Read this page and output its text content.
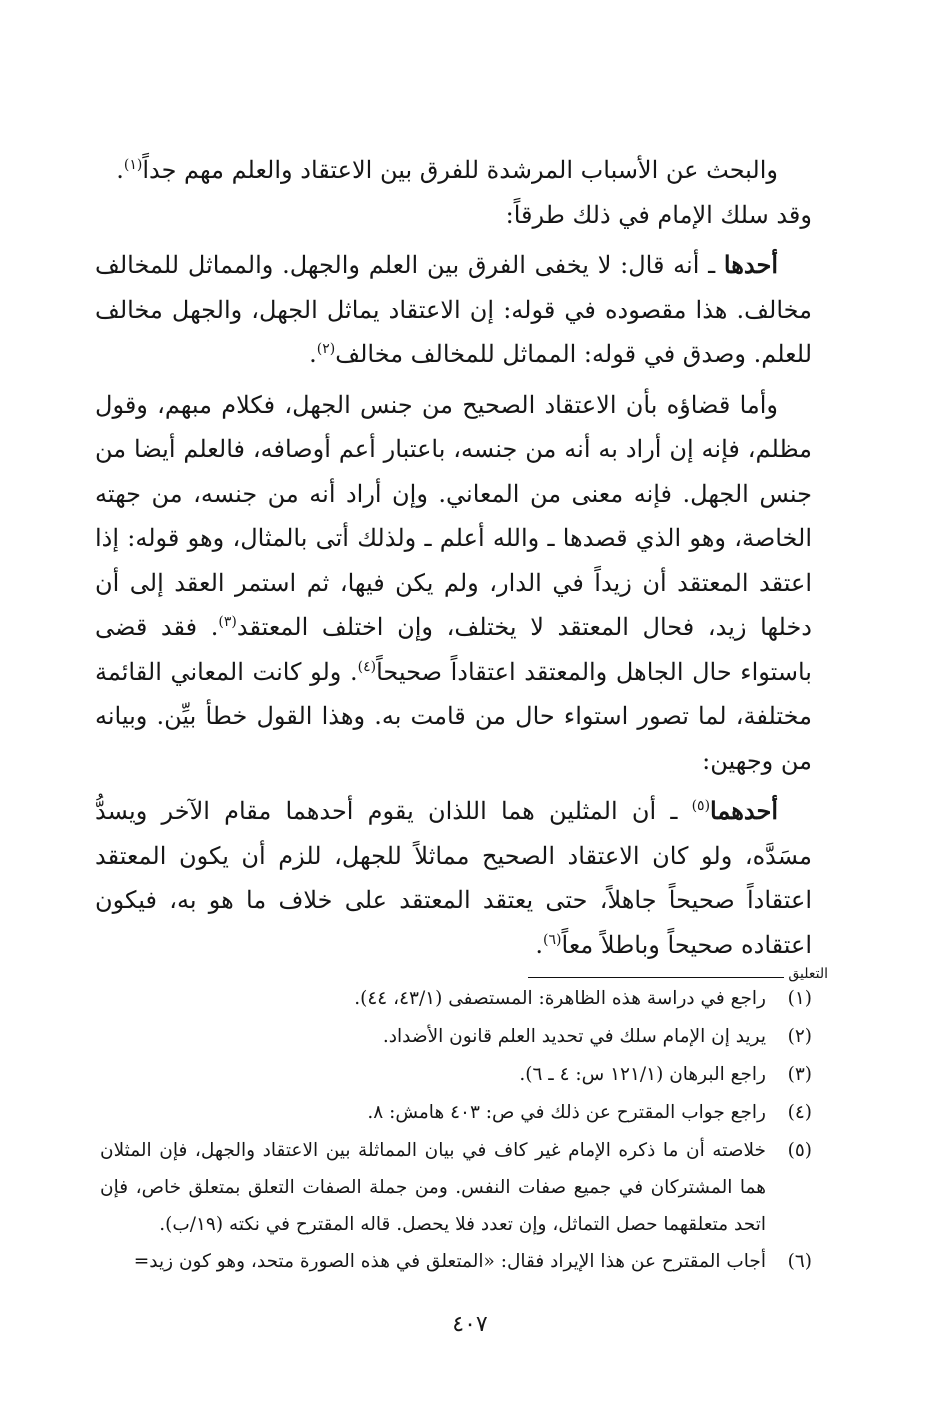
والبحث عن الأسباب المرشدة للفرق بين الاعتقاد والعلم مهم جداً$^{(١)}$.

وقد سلك الإمام في ذلك طرقاً:

أحدها ـ أنه قال: لا يخفى الفرق بين العلم والجهل. والمماثل للمخالف مخالف. هذا مقصوده في قوله: إن الاعتقاد يماثل الجهل، والجهل مخالف للعلم. وصدق في قوله: المماثل للمخالف مخالف$^{(٢)}$.

وأما قضاؤه بأن الاعتقاد الصحيح من جنس الجهل، فكلام مبهم، وقول مظلم، فإنه إن أراد به أنه من جنسه، باعتبار أعم أوصافه، فالعلم أيضا من جنس الجهل. فإنه معنى من المعاني. وإن أراد أنه من جنسه، من جهته الخاصة، وهو الذي قصدها ـ والله أعلم ـ ولذلك أتى بالمثال، وهو قوله: إذا اعتقد المعتقد أن زيداً في الدار، ولم يكن فيها، ثم استمر العقد إلى أن دخلها زيد، فحال المعتقد لا يختلف، وإن اختلف المعتقد$^{(٣)}$. فقد قضى باستواء حال الجاهل والمعتقد اعتقاداً صحيحاً$^{(٤)}$. ولو كانت المعاني القائمة مختلفة، لما تصور استواء حال من قامت به. وهذا القول خطأ بيِّن. وبيانه من وجهين:

أحدهما$^{(٥)}$ ـ أن المثلين هما اللذان يقوم أحدهما مقام الآخر ويسدُّ مسَدَّه، ولو كان الاعتقاد الصحيح مماثلاً للجهل، للزم أن يكون المعتقد اعتقاداً صحيحاً جاهلاً، حتى يعتقد المعتقد على خلاف ما هو به، فيكون اعتقاده صحيحاً وباطلاً معاً$^{(٦)}$.

التعليق
(١)
راجع في دراسة هذه الظاهرة: المستصفى (٤٣/١، ٤٤).
(٢)
يريد إن الإمام سلك في تحديد العلم قانون الأضداد.
(٣)
راجع البرهان (١٢١/١ س: ٤ ـ ٦).
(٤)
راجع جواب المقترح عن ذلك في ص: ٤٠٣ هامش: ٨.
(٥)
خلاصته أن ما ذكره الإمام غير كاف في بيان المماثلة بين الاعتقاد والجهل، فإن المثلان هما المشتركان في جميع صفات النفس. ومن جملة الصفات التعلق بمتعلق خاص، فإن اتحد متعلقهما حصل التماثل، وإن تعدد فلا يحصل. قاله المقترح في نكته (١٩/ب).
(٦)
أجاب المقترح عن هذا الإيراد فقال: «المتعلق في هذه الصورة متحد، وهو كون زيد=
٤٠٧
